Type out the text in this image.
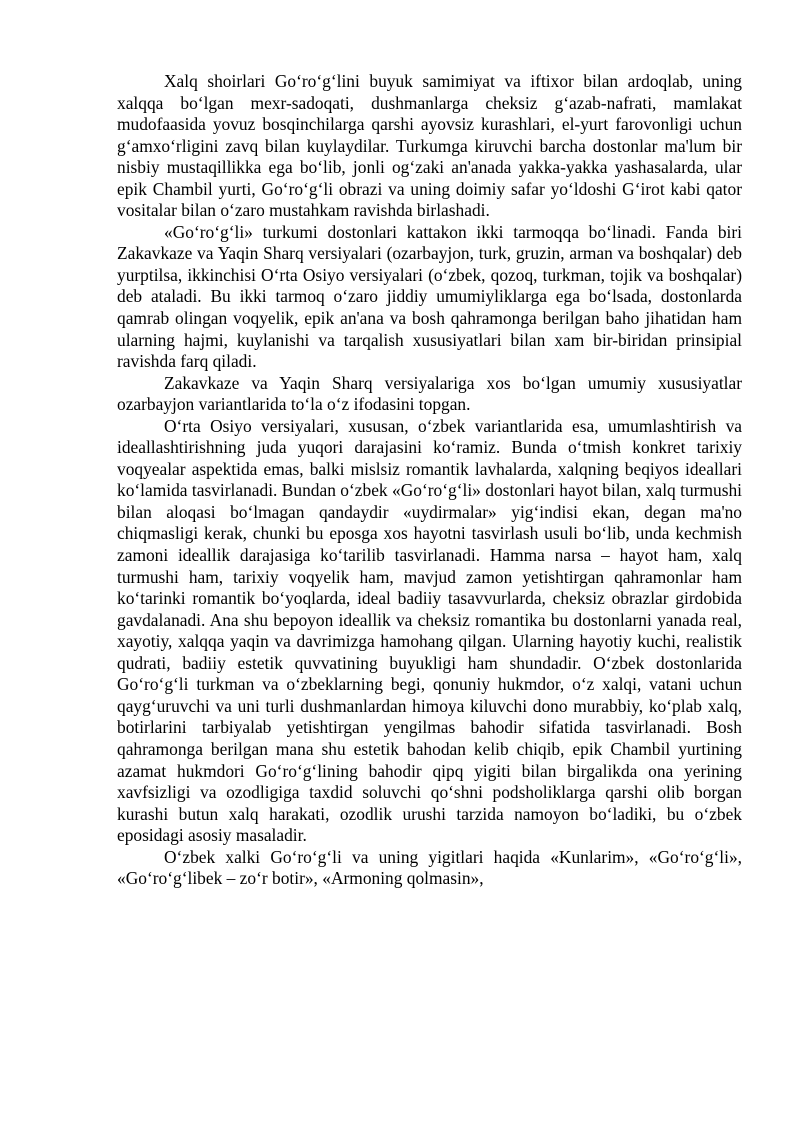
Xalq shoirlari Go‘ro‘g‘lini buyuk samimiyat va iftixor bilan ardoqlab, uning xalqqa bo‘lgan mexr-sadoqati, dushmanlarga cheksiz g‘azab-nafrati, mamlakat mudofaasida yovuz bosqinchilarga qarshi ayovsiz kurashlari, el-yurt farovonligi uchun g‘amxo‘rligini zavq bilan kuylaydilar. Turkumga kiruvchi barcha dostonlar ma'lum bir nisbiy mustaqillikka ega bo‘lib, jonli og‘zaki an'anada yakka-yakka yashasalarda, ular epik Chambil yurti, Go‘ro‘g‘li obrazi va uning doimiy safar yo‘ldoshi G‘irot kabi qator vositalar bilan o‘zaro mustahkam ravishda birlashadi.

«Go‘ro‘g‘li» turkumi dostonlari kattakon ikki tarmoqqa bo‘linadi. Fanda biri Zakavkaze va Yaqin Sharq versiyalari (ozarbayjon, turk, gruzin, arman va boshqalar) deb yurptilsa, ikkinchisi O‘rta Osiyo versiyalari (o‘zbek, qozoq, turkman, tojik va boshqalar) deb ataladi. Bu ikki tarmoq o‘zaro jiddiy umumiyliklarga ega bo‘lsada, dostonlarda qamrab olingan voqyelik, epik an'ana va bosh qahramonga berilgan baho jihatidan ham ularning hajmi, kuylanishi va tarqalish xususiyatlari bilan xam bir-biridan prinsipial ravishda farq qiladi.

Zakavkaze va Yaqin Sharq versiyalariga xos bo‘lgan umumiy xususiyatlar ozarbayjon variantlarida to‘la o‘z ifodasini topgan.

O‘rta Osiyo versiyalari, xususan, o‘zbek variantlarida esa, umumlashtirish va ideallashtirishning juda yuqori darajasini ko‘ramiz. Bunda o‘tmish konkret tarixiy voqyealar aspektida emas, balki mislsiz romantik lavhalarda, xalqning beqiyos ideallari ko‘lamida tasvirlanadi. Bundan o‘zbek «Go‘ro‘g‘li» dostonlari hayot bilan, xalq turmushi bilan aloqasi bo‘lmagan qandaydir «uydirmalar» yig‘indisi ekan, degan ma'no chiqmasligi kerak, chunki bu eposga xos hayotni tasvirlash usuli bo‘lib, unda kechmish zamoni ideallik darajasiga ko‘tarilib tasvirlanadi. Hamma narsa – hayot ham, xalq turmushi ham, tarixiy voqyelik ham, mavjud zamon yetishtirgan qahramonlar ham ko‘tarinki romantik bo‘yoqlarda, ideal badiiy tasavvurlarda, cheksiz obrazlar girdobida gavdalanadi. Ana shu bepoyon ideallik va cheksiz romantika bu dostonlarni yanada real, xayotiy, xalqqa yaqin va davrimizga hamohang qilgan. Ularning hayotiy kuchi, realistik qudrati, badiiy estetik quvvatining buyukligi ham shundadir. O‘zbek dostonlarida Go‘ro‘g‘li turkman va o‘zbeklarning begi, qonuniy hukmdor, o‘z xalqi, vatani uchun qayg‘uruvchi va uni turli dushmanlardan himoya kiluvchi dono murabbiy, ko‘plab xalq, botirlarini tarbiyalab yetishtirgan yengilmas bahodir sifatida tasvirlanadi. Bosh qahramonga berilgan mana shu estetik bahodan kelib chiqib, epik Chambil yurtining azamat hukmdori Go‘ro‘g‘lining bahodir qipq yigiti bilan birgalikda ona yerining xavfsizligi va ozodligiga taxdid soluvchi qo‘shni podsholiklarga qarshi olib borgan kurashi butun xalq harakati, ozodlik urushi tarzida namoyon bo‘ladiki, bu o‘zbek eposidagi asosiy masaladir.

O‘zbek xalki Go‘ro‘g‘li va uning yigitlari haqida «Kunlarim», «Go‘ro‘g‘li», «Go‘ro‘g‘libek – zo‘r botir», «Armoning qolmasin»,
